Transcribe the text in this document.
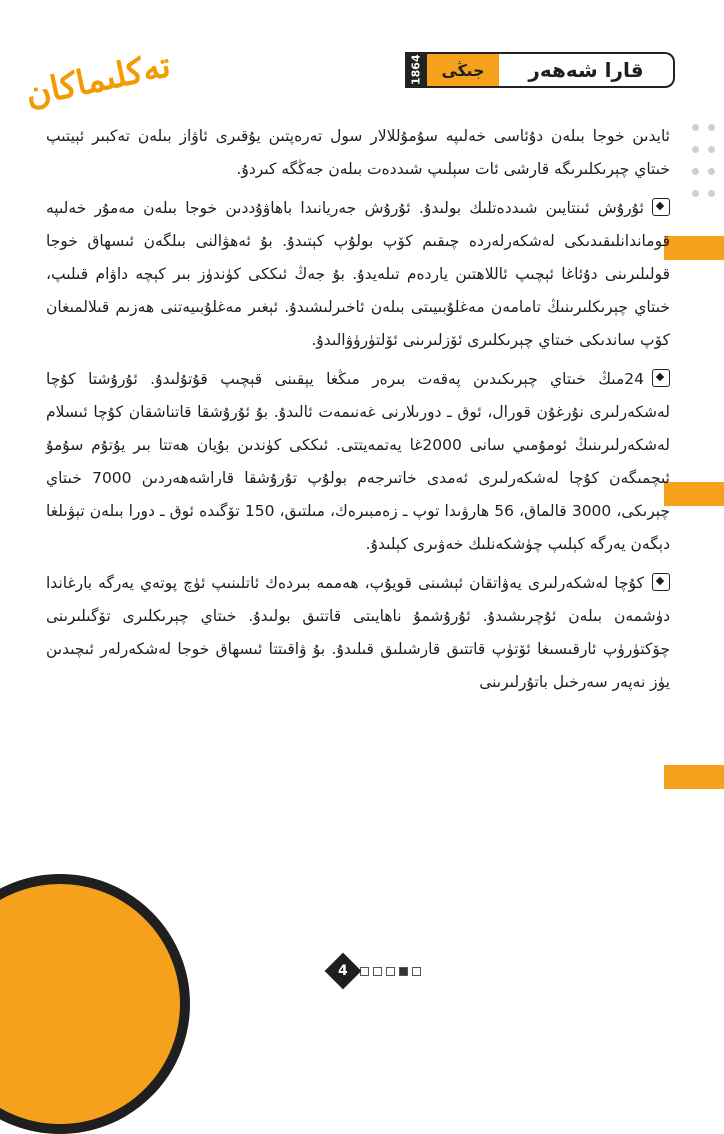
تەكلىماكان	1864	جىڭى	قارا شەھەر

ئايدىن خوجا بىلەن دۇئاسى خەلىپە سۇمۇللالار سول تەرەپتىن يۇقىرى ئاۋاز بىلەن تەكبىر ئېيتىپ خىتاي چېرىكلىرىگە قارشى ئات سېلىپ شىددەت بىلەن جەڭگە كىردۇ.

ئۇرۇش ئىنتايىن شىددەتلىك بولىدۇ. ئۇرۇش جەريانىدا باھاۋۇددىن خوجا بىلەن مەمۇر خەلىپە قوماندانلىقىدىكى لەشكەرلەردە چىقىم كۆپ بولۇپ كېتىدۇ. بۇ ئەھۋالنى بىلگەن ئىسھاق خوجا قولىلىرىنى دۇئاغا ئېچىپ ئاللاھتىن ياردەم تىلەيدۇ. بۇ جەڭ ئىككى كۈندۈز بىر كېچە داۋام قىلىپ، خىتاي چېرىكلىرىنىڭ تامامەن مەغلۇبىيىتى بىلەن ئاخىرلىشىدۇ. ئېغىر مەغلۇبىيەتنى ھەزىم قىلالمىغان كۆپ ساندىكى خىتاي چېرىكلىرى ئۆزلىرىنى ئۆلتۈرۈۋالىدۇ.

24مىڭ خىتاي چېرىكىدىن پەقەت بىرەر مىڭغا يېقىنى قېچىپ قۇتۇلىدۇ. ئۇرۇشتا كۇچا لەشكەرلىرى نۇرغۇن قورال، ئوق ـ دورىلارنى غەنىمەت ئالىدۇ. بۇ ئۇرۇشقا قاتناشقان كۇچا ئىسلام لەشكەرلىرىنىڭ ئومۇمىي سانى 2000غا يەتمەيتتى. ئىككى كۈندىن بۇيان ھەتتا بىر يۇتۇم سۇمۇ ئىچمىگەن كۇچا لەشكەرلىرى ئەمدى خاتىرجەم بولۇپ تۇرۇشقا قاراشەھەردىن 7000 خىتاي چېرىكى، 3000 قالماق، 56 ھارۋىدا توپ ـ زەمبىرەك، مىلتىق، 150 تۆگىدە ئوق ـ دورا بىلەن تېۋىلغا دېگەن يەرگە كېلىپ چۈشكەنلىك خەۋىرى كېلىدۇ.

كۇچا لەشكەرلىرى يەۋاتقان ئېشىنى قويۇپ، ھەممە بىردەك ئاتلىنىپ ئۈچ پوتەي يەرگە بارغاندا دۈشمەن بىلەن ئۇچرىشىدۇ. ئۇرۇشمۇ ناھايىتى قاتتىق بولىدۇ. خىتاي چېرىكلىرى تۆگىلىرىنى چۆكتۈرۈپ ئارقىسىغا ئۆتۈپ قاتتىق قارشىلىق قىلىدۇ. بۇ ۋاقىتتا ئىسھاق خوجا لەشكەرلەر ئىچىدىن يۈز نەپەر سەرخىل باتۇرلىرىنى

4
